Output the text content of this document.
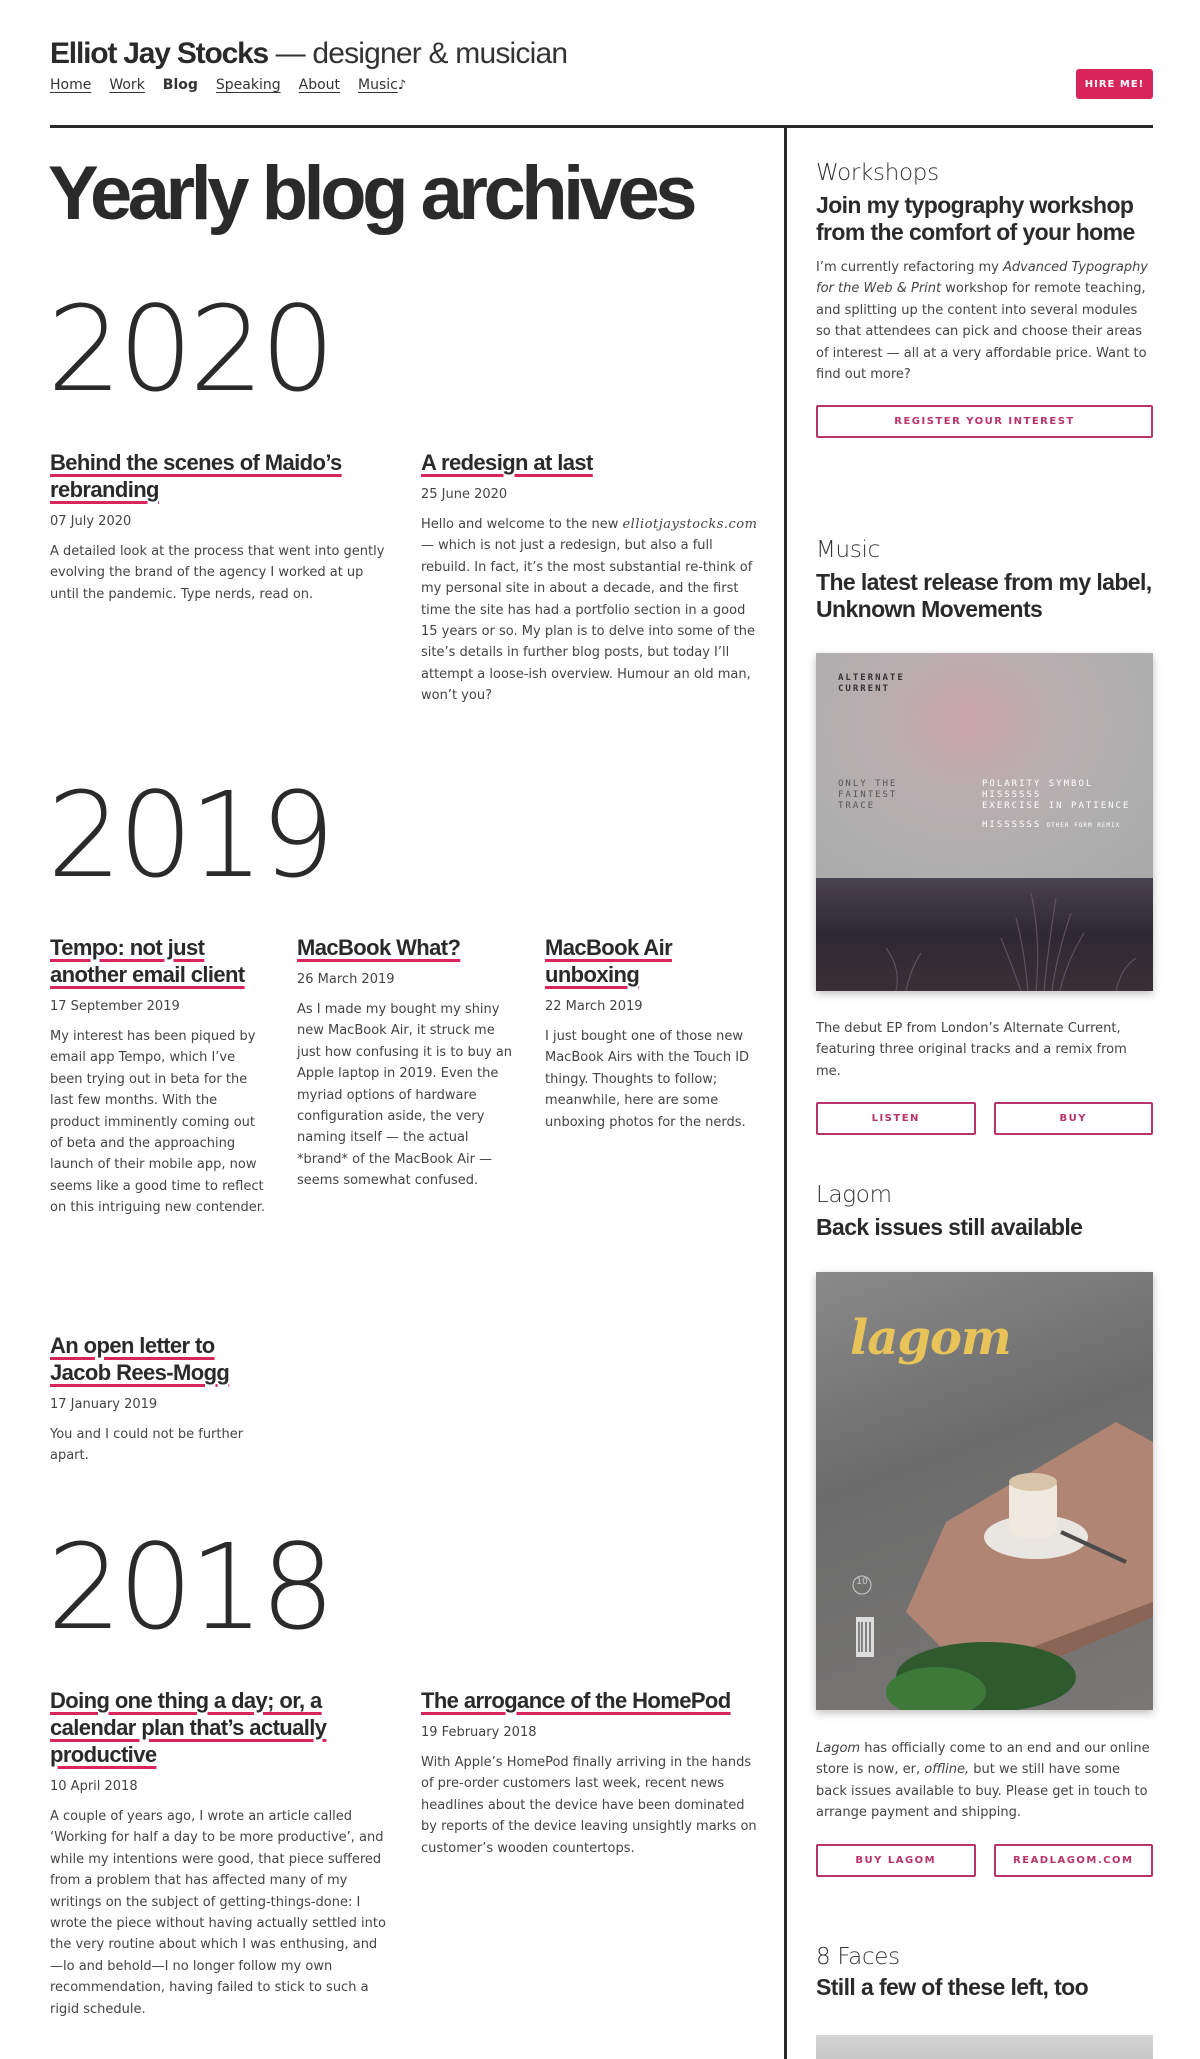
Elliot Jay Stocks — designer & musician
Home Work Blog Speaking About Music♪	HIRE ME!
Yearly blog archives
2020
Behind the scenes of Maido’s rebranding
07 July 2020
A detailed look at the process that went into gently evolving the brand of the agency I worked at up until the pandemic. Type nerds, read on.
A redesign at last
25 June 2020
Hello and welcome to the new elliotjaystocks.com — which is not just a redesign, but also a full rebuild. In fact, it’s the most substantial re-think of my personal site in about a decade, and the first time the site has had a portfolio section in a good 15 years or so. My plan is to delve into some of the site’s details in further blog posts, but today I’ll attempt a loose-ish overview. Humour an old man, won’t you?
2019
Tempo: not just another email client
17 September 2019
My interest has been piqued by email app Tempo, which I’ve been trying out in beta for the last few months. With the product imminently coming out of beta and the approaching launch of their mobile app, now seems like a good time to reflect on this intriguing new contender.
MacBook What?
26 March 2019
As I made my bought my shiny new MacBook Air, it struck me just how confusing it is to buy an Apple laptop in 2019. Even the myriad options of hardware configuration aside, the very naming itself — the actual *brand* of the MacBook Air — seems somewhat confused.
MacBook Air unboxing
22 March 2019
I just bought one of those new MacBook Airs with the Touch ID thingy. Thoughts to follow; meanwhile, here are some unboxing photos for the nerds.
An open letter to Jacob Rees-Mogg
17 January 2019
You and I could not be further apart.
2018
Doing one thing a day; or, a calendar plan that’s actually productive
10 April 2018
A couple of years ago, I wrote an article called ‘Working for half a day to be more productive’, and while my intentions were good, that piece suffered from a problem that has affected many of my writings on the subject of getting-things-done: I wrote the piece without having actually settled into the very routine about which I was enthusing, and—lo and behold—I no longer follow my own recommendation, having failed to stick to such a rigid schedule.
The arrogance of the HomePod
19 February 2018
With Apple’s HomePod finally arriving in the hands of pre-order customers last week, recent news headlines about the device have been dominated by reports of the device leaving unsightly marks on customer’s wooden countertops.
Workshops
Join my typography workshop from the comfort of your home
I’m currently refactoring my Advanced Typography for the Web & Print workshop for remote teaching, and splitting up the content into several modules so that attendees can pick and choose their areas of interest — all at a very affordable price. Want to find out more?
REGISTER YOUR INTEREST
Music
The latest release from my label, Unknown Movements
ALTERNATE CURRENT
ONLY THE FAINTEST TRACE
POLARITY SYMBOL
HISSSSSS
EXERCISE IN PATIENCE
HISSSSSS OTHER FORM REMIX
The debut EP from London’s Alternate Current, featuring three original tracks and a remix from me.
LISTEN	BUY
Lagom
Back issues still available
lagom
10
Lagom has officially come to an end and our online store is now, er, offline, but we still have some back issues available to buy. Please get in touch to arrange payment and shipping.
BUY LAGOM	READLAGOM.COM
8 Faces
Still a few of these left, too
